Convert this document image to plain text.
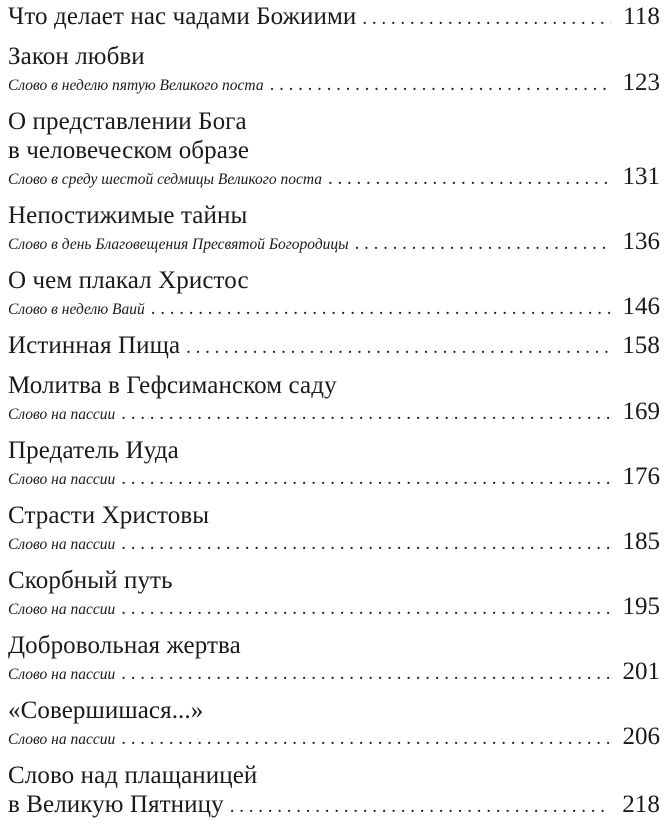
Что делает нас чадами Божиими . . .	118
Закон любви
Слово в неделю пятую Великого поста . . .	123
О представлении Бога
в человеческом образе
Слово в среду шестой седмицы Великого поста . . .	131
Непостижимые тайны
Слово в день Благовещения Пресвятой Богородицы . . .	136
О чем плакал Христос
Слово в неделю Ваий . . .	146
Истинная Пища . . .	158
Молитва в Гефсиманском саду
Слово на пассии . . .	169
Предатель Иуда
Слово на пассии . . .	176
Страсти Христовы
Слово на пассии . . .	185
Скорбный путь
Слово на пассии . . .	195
Добровольная жертва
Слово на пассии . . .	201
«Совершишася...»
Слово на пассии . . .	206
Слово над плащаницей
в Великую Пятницу . . .	218
